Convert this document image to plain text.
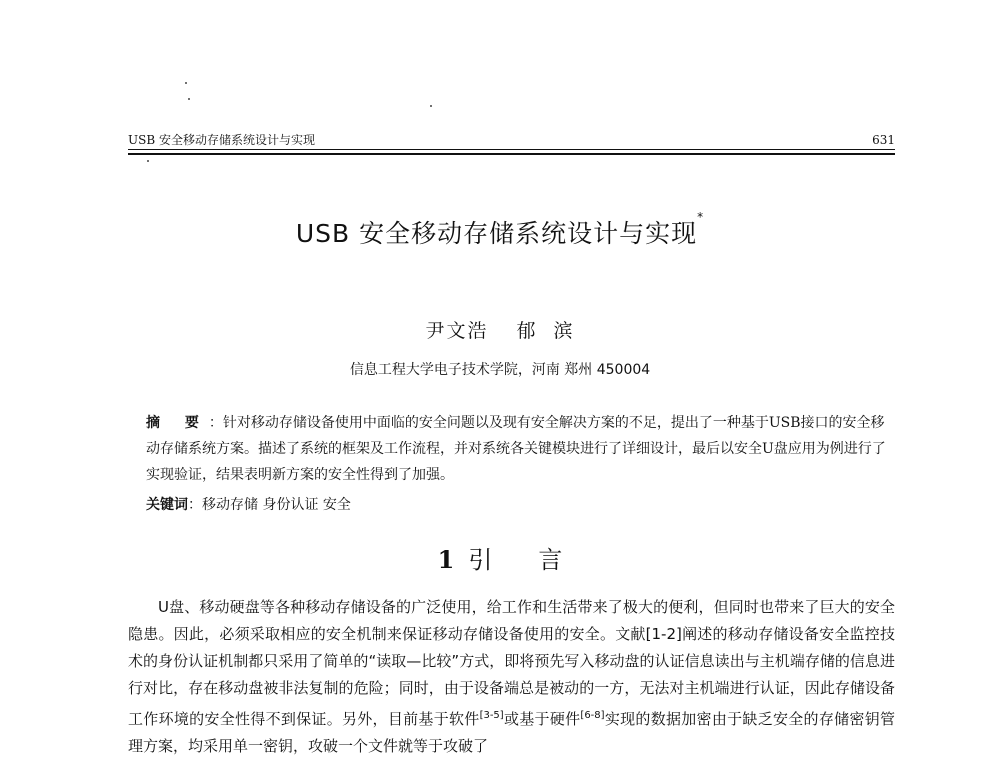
USB 安全移动存储系统设计与实现	631
USB 安全移动存储系统设计与实现*
尹文浩 郁  滨
信息工程大学电子技术学院，河南 郑州 450004
摘 要：针对移动存储设备使用中面临的安全问题以及现有安全解决方案的不足，提出了一种基于USB接口的安全移动存储系统方案。描述了系统的框架及工作流程，并对系统各关键模块进行了详细设计，最后以安全U盘应用为例进行了实现验证，结果表明新方案的安全性得到了加强。
关键词：移动存储 身份认证 安全
1 引 言

U盘、移动硬盘等各种移动存储设备的广泛使用，给工作和生活带来了极大的便利，但同时也带来了巨大的安全隐患。因此，必须采取相应的安全机制来保证移动存储设备使用的安全。文献[1-2]阐述的移动存储设备安全监控技术的身份认证机制都只采用了简单的“读取—比较”方式，即将预先写入移动盘的认证信息读出与主机端存储的信息进行对比，存在移动盘被非法复制的危险；同时，由于设备端总是被动的一方，无法对主机端进行认证，因此存储设备工作环境的安全性得不到保证。另外，目前基于软件[3-5]或基于硬件[6-8]实现的数据加密由于缺乏安全的存储密钥管理方案，均采用单一密钥，攻破一个文件就等于攻破了
